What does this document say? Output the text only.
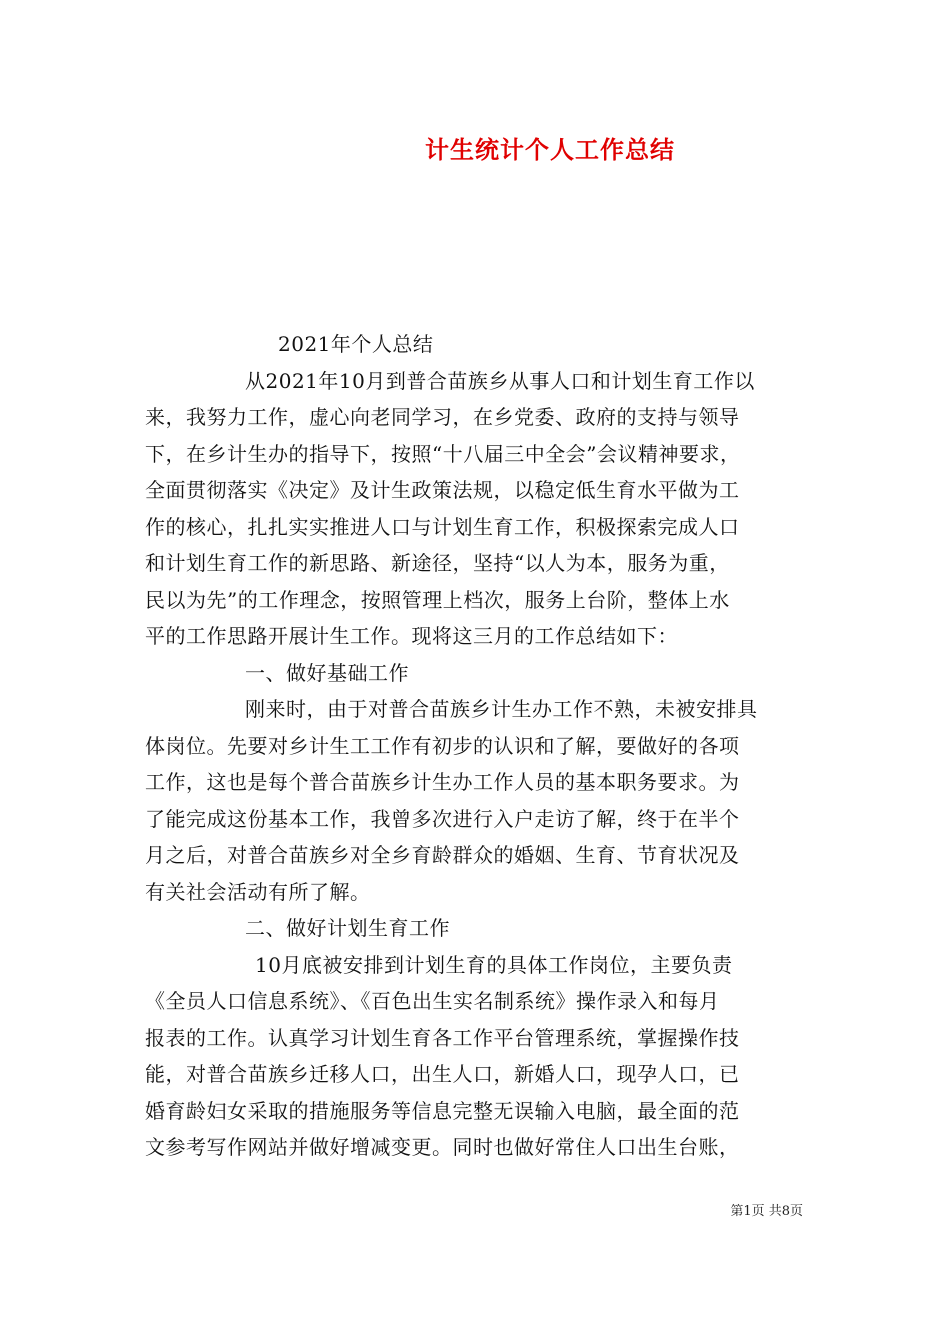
计生统计个人工作总结
2021年个人总结
从2021年10月到普合苗族乡从事人口和计划生育工作以
来，我努力工作，虚心向老同学习，在乡党委、政府的支持与领导
下，在乡计生办的指导下，按照“十八届三中全会”会议精神要求，
全面贯彻落实《决定》及计生政策法规，以稳定低生育水平做为工
作的核心，扎扎实实推进人口与计划生育工作，积极探索完成人口
和计划生育工作的新思路、新途径，坚持“以人为本，服务为重，
民以为先”的工作理念，按照管理上档次，服务上台阶，整体上水
平的工作思路开展计生工作。现将这三月的工作总结如下：
一、做好基础工作
刚来时，由于对普合苗族乡计生办工作不熟，未被安排具
体岗位。先要对乡计生工工作有初步的认识和了解，要做好的各项
工作，这也是每个普合苗族乡计生办工作人员的基本职务要求。为
了能完成这份基本工作，我曾多次进行入户走访了解，终于在半个
月之后，对普合苗族乡对全乡育龄群众的婚姻、生育、节育状况及
有关社会活动有所了解。
二、做好计划生育工作
10月底被安排到计划生育的具体工作岗位，主要负责
《全员人口信息系统》、《百色出生实名制系统》操作录入和每月
报表的工作。认真学习计划生育各工作平台管理系统，掌握操作技
能，对普合苗族乡迁移人口，出生人口，新婚人口，现孕人口，已
婚育龄妇女采取的措施服务等信息完整无误输入电脑，最全面的范
文参考写作网站并做好增减变更。同时也做好常住人口出生台账，
第1页 共8页
